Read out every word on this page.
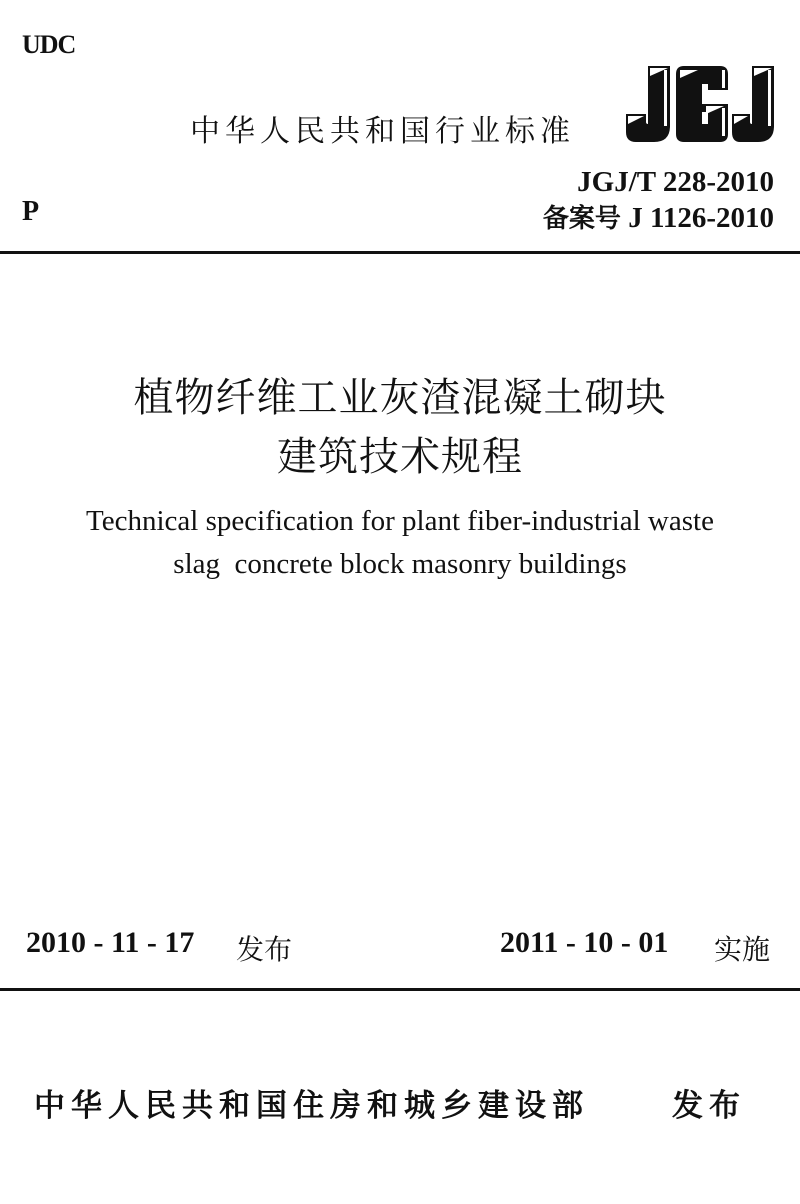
UDC
P
中华人民共和国行业标准
JGJ/T 228-2010
备案号 J 1126-2010
植物纤维工业灰渣混凝土砌块
建筑技术规程
Technical specification for plant fiber-industrial waste
slag  concrete block masonry buildings
2010 - 11 - 17 发布	2011 - 10 - 01 实施
中华人民共和国住房和城乡建设部	发布
